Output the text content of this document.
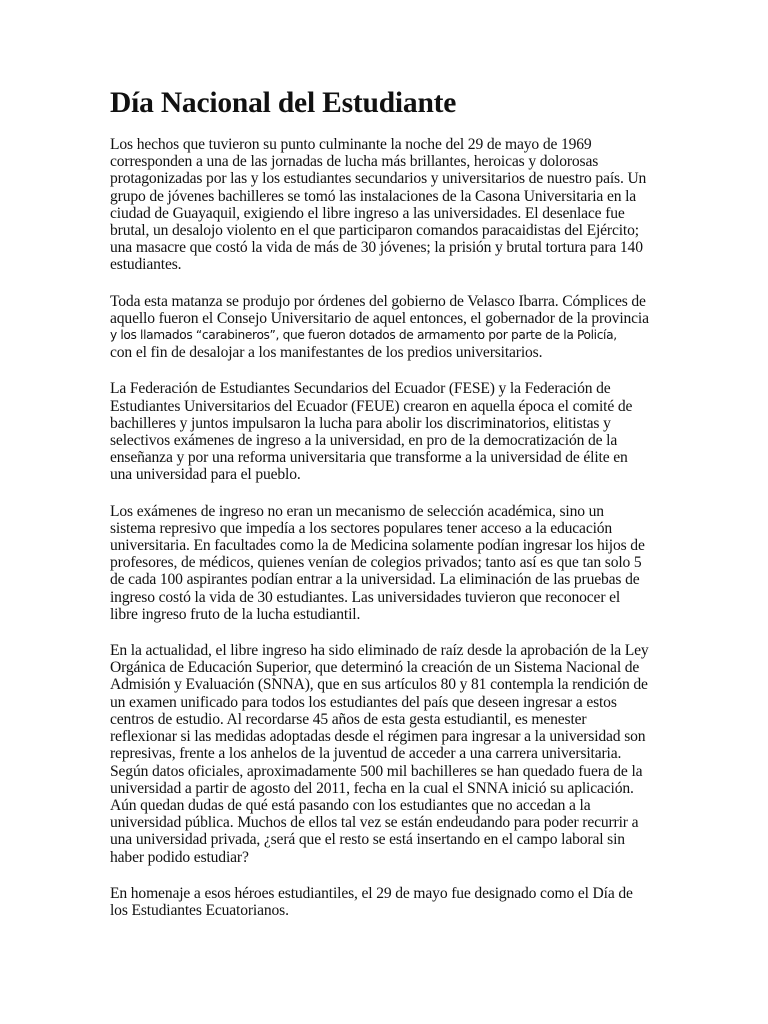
Día Nacional del Estudiante

Los hechos que tuvieron su punto culminante la noche del 29 de mayo de 1969
corresponden a una de las jornadas de lucha más brillantes, heroicas y dolorosas
protagonizadas por las y los estudiantes secundarios y universitarios de nuestro país. Un
grupo de jóvenes bachilleres se tomó las instalaciones de la Casona Universitaria en la
ciudad de Guayaquil, exigiendo el libre ingreso a las universidades. El desenlace fue
brutal, un desalojo violento en el que participaron comandos paracaidistas del Ejército;
una masacre que costó la vida de más de 30 jóvenes; la prisión y brutal tortura para 140
estudiantes.

Toda esta matanza se produjo por órdenes del gobierno de Velasco Ibarra. Cómplices de
aquello fueron el Consejo Universitario de aquel entonces, el gobernador de la provincia
y los llamados “carabineros”, que fueron dotados de armamento por parte de la Policía,
con el fin de desalojar a los manifestantes de los predios universitarios.

La Federación de Estudiantes Secundarios del Ecuador (FESE) y la Federación de
Estudiantes Universitarios del Ecuador (FEUE) crearon en aquella época el comité de
bachilleres y juntos impulsaron la lucha para abolir los discriminatorios, elitistas y
selectivos exámenes de ingreso a la universidad, en pro de la democratización de la
enseñanza y por una reforma universitaria que transforme a la universidad de élite en
una universidad para el pueblo.

Los exámenes de ingreso no eran un mecanismo de selección académica, sino un
sistema represivo que impedía a los sectores populares tener acceso a la educación
universitaria. En facultades como la de Medicina solamente podían ingresar los hijos de
profesores, de médicos, quienes venían de colegios privados; tanto así es que tan solo 5
de cada 100 aspirantes podían entrar a la universidad. La eliminación de las pruebas de
ingreso costó la vida de 30 estudiantes. Las universidades tuvieron que reconocer el
libre ingreso fruto de la lucha estudiantil.

En la actualidad, el libre ingreso ha sido eliminado de raíz desde la aprobación de la Ley
Orgánica de Educación Superior, que determinó la creación de un Sistema Nacional de
Admisión y Evaluación (SNNA), que en sus artículos 80 y 81 contempla la rendición de
un examen unificado para todos los estudiantes del país que deseen ingresar a estos
centros de estudio. Al recordarse 45 años de esta gesta estudiantil, es menester
reflexionar si las medidas adoptadas desde el régimen para ingresar a la universidad son
represivas, frente a los anhelos de la juventud de acceder a una carrera universitaria.
Según datos oficiales, aproximadamente 500 mil bachilleres se han quedado fuera de la
universidad a partir de agosto del 2011, fecha en la cual el SNNA inició su aplicación.
Aún quedan dudas de qué está pasando con los estudiantes que no accedan a la
universidad pública. Muchos de ellos tal vez se están endeudando para poder recurrir a
una universidad privada, ¿será que el resto se está insertando en el campo laboral sin
haber podido estudiar?

En homenaje a esos héroes estudiantiles, el 29 de mayo fue designado como el Día de
los Estudiantes Ecuatorianos.
